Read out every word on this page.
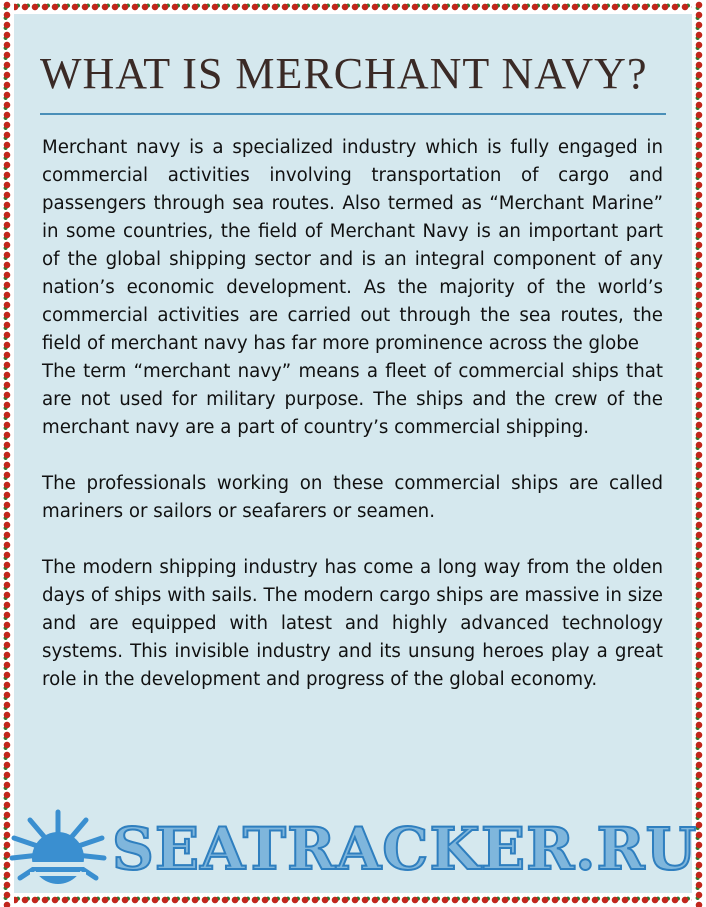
WHAT IS MERCHANT NAVY?

Merchant navy is a specialized industry which is fully engaged in commercial activities involving transportation of cargo and passengers through sea routes. Also termed as “Merchant Marine” in some countries, the field of Merchant Navy is an important part of the global shipping sector and is an integral component of any nation’s economic development. As the majority of the world’s commercial activities are carried out through the sea routes, the field of merchant navy has far more prominence across the globe

The term “merchant navy” means a fleet of commercial ships that are not used for military purpose. The ships and the crew of the merchant navy are a part of country’s commercial shipping.

The professionals working on these commercial ships are called mariners or sailors or seafarers or seamen.

The modern shipping industry has come a long way from the olden days of ships with sails. The modern cargo ships are massive in size and are equipped with latest and highly advanced technology systems. This invisible industry and its unsung heroes play a great role in the development and progress of the global economy.

SEATRACKER.RU
